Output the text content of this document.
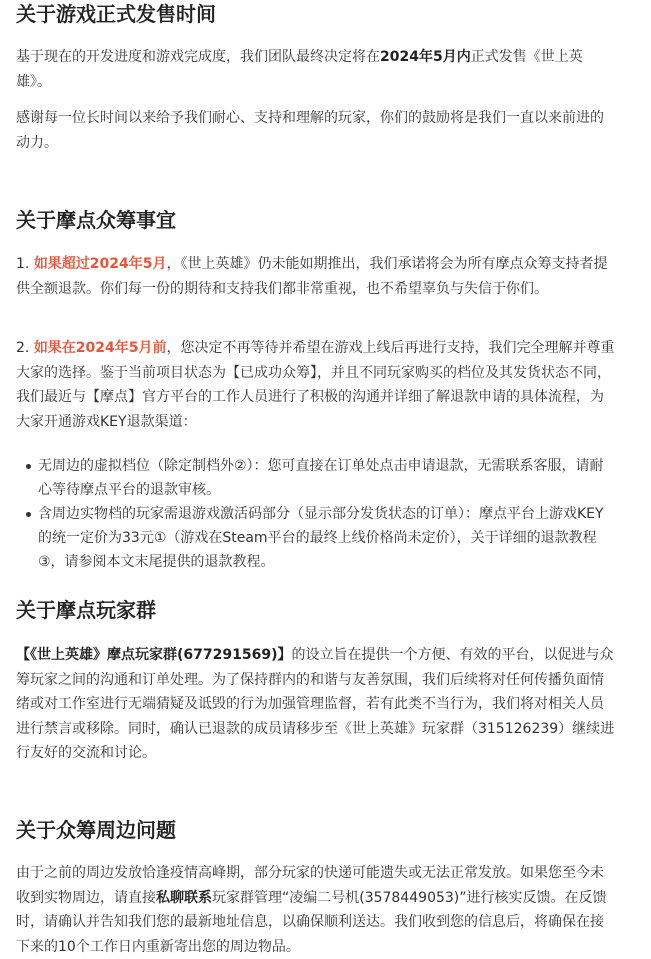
关于游戏正式发售时间

基于现在的开发进度和游戏完成度，我们团队最终决定将在2024年5月内正式发售《世上英雄》。

感谢每一位长时间以来给予我们耐心、支持和理解的玩家，你们的鼓励将是我们一直以来前进的动力。

关于摩点众筹事宜

1. 如果超过2024年5月，《世上英雄》仍未能如期推出，我们承诺将会为所有摩点众筹支持者提供全额退款。你们每一份的期待和支持我们都非常重视，也不希望辜负与失信于你们。

2. 如果在2024年5月前，您决定不再等待并希望在游戏上线后再进行支持，我们完全理解并尊重大家的选择。鉴于当前项目状态为【已成功众筹】，并且不同玩家购买的档位及其发货状态不同，我们最近与【摩点】官方平台的工作人员进行了积极的沟通并详细了解退款申请的具体流程，为大家开通游戏KEY退款渠道：

无周边的虚拟档位（除定制档外②）：您可直接在订单处点击申请退款，无需联系客服，请耐心等待摩点平台的退款审核。
含周边实物档的玩家需退游戏激活码部分（显示部分发货状态的订单）：摩点平台上游戏KEY的统一定价为33元①（游戏在Steam平台的最终上线价格尚未定价），关于详细的退款教程③，请参阅本文末尾提供的退款教程。
关于摩点玩家群

【《世上英雄》摩点玩家群(677291569)】的设立旨在提供一个方便、有效的平台，以促进与众筹玩家之间的沟通和订单处理。为了保持群内的和谐与友善氛围，我们后续将对任何传播负面情绪或对工作室进行无端猜疑及诋毁的行为加强管理监督，若有此类不当行为，我们将对相关人员进行禁言或移除。同时，确认已退款的成员请移步至《世上英雄》玩家群（315126239）继续进行友好的交流和讨论。

关于众筹周边问题

由于之前的周边发放恰逢疫情高峰期，部分玩家的快递可能遗失或无法正常发放。如果您至今未收到实物周边，请直接私聊联系玩家群管理“凌编二号机(3578449053)”进行核实反馈。在反馈时，请确认并告知我们您的最新地址信息，以确保顺利送达。我们收到您的信息后，将确保在接下来的10个工作日内重新寄出您的周边物品。
